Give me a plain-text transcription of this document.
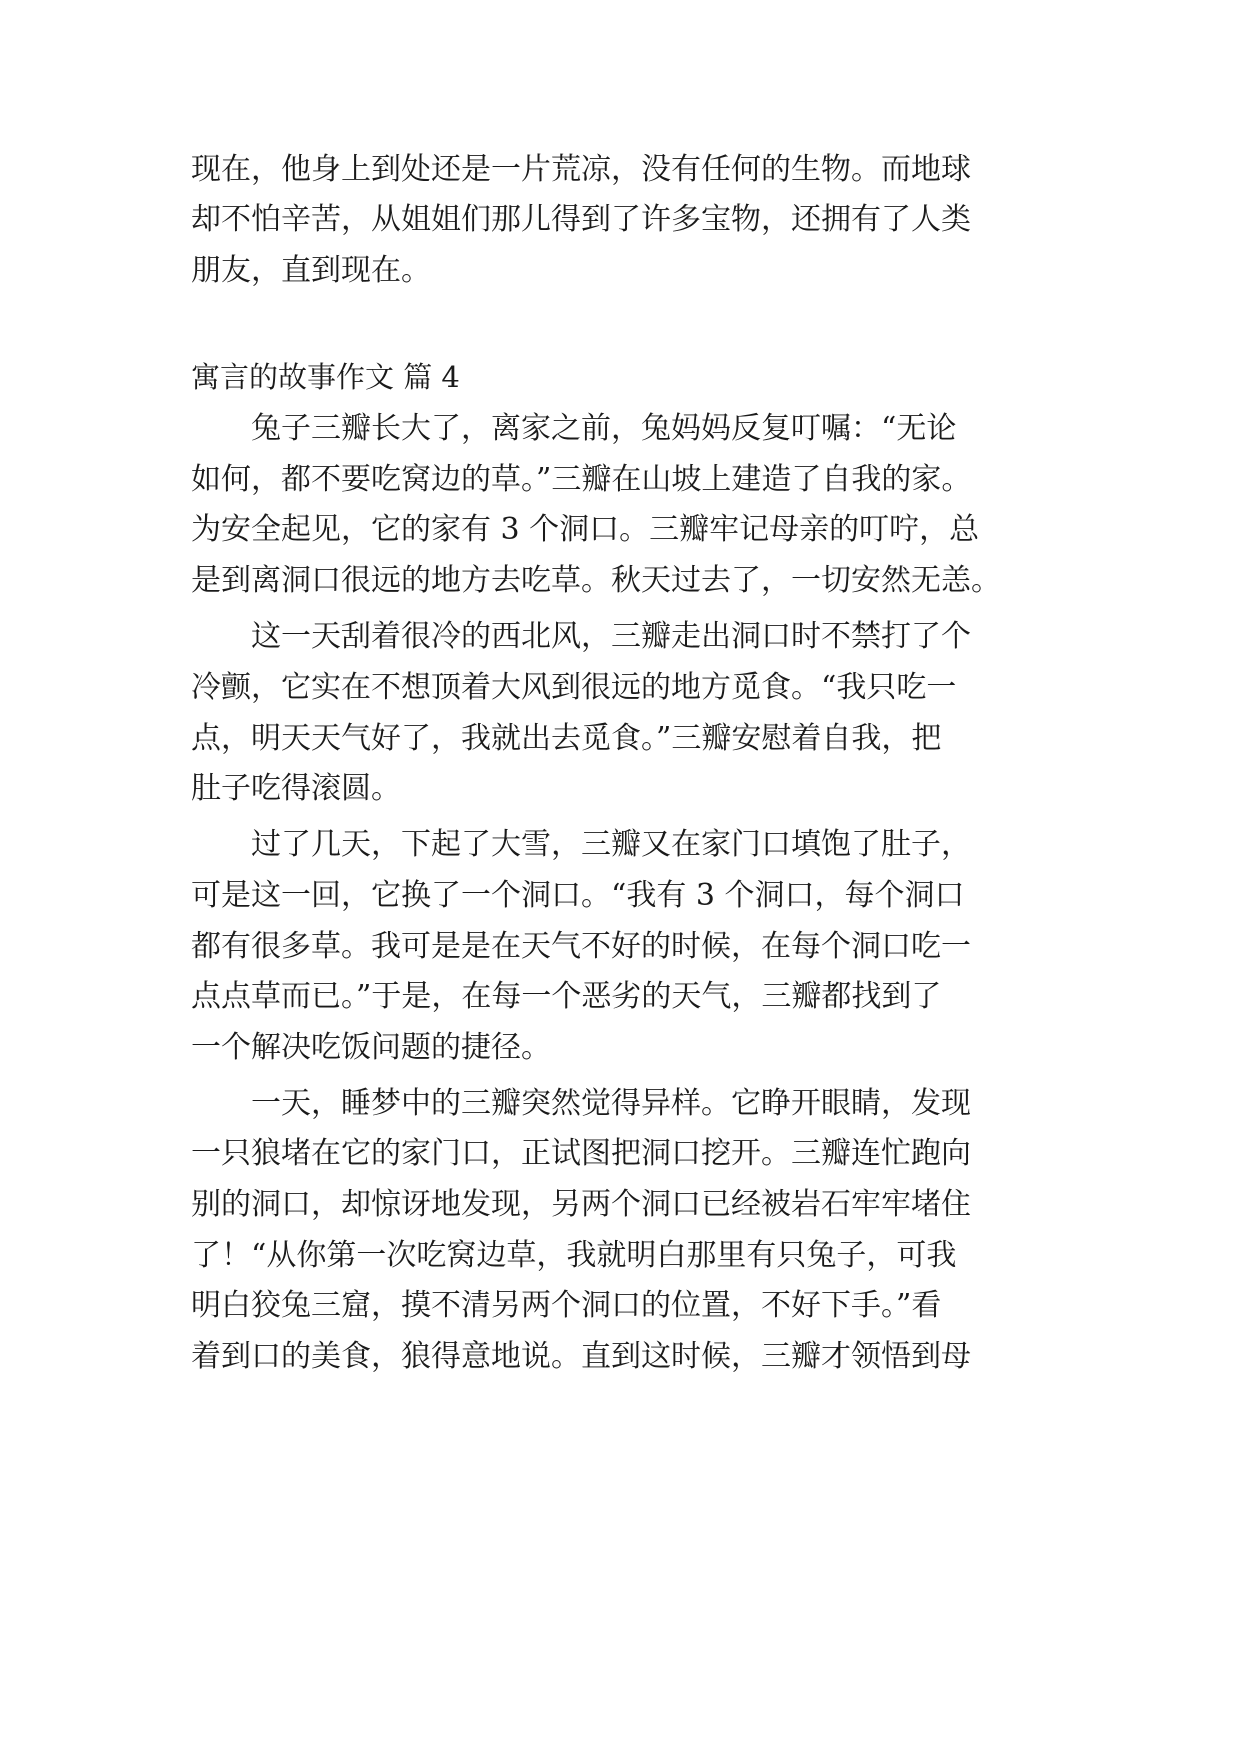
现在，他身上到处还是一片荒凉，没有任何的生物。而地球
却不怕辛苦，从姐姐们那儿得到了许多宝物，还拥有了人类
朋友，直到现在。
寓言的故事作文 篇 4
兔子三瓣长大了，离家之前，兔妈妈反复叮嘱：“无论
如何，都不要吃窝边的草。”三瓣在山坡上建造了自我的家。
为安全起见，它的家有 3 个洞口。三瓣牢记母亲的叮咛，总
是到离洞口很远的地方去吃草。秋天过去了，一切安然无恙。
这一天刮着很冷的西北风，三瓣走出洞口时不禁打了个
冷颤，它实在不想顶着大风到很远的地方觅食。“我只吃一
点，明天天气好了，我就出去觅食。”三瓣安慰着自我，把
肚子吃得滚圆。
过了几天，下起了大雪，三瓣又在家门口填饱了肚子，
可是这一回，它换了一个洞口。“我有 3 个洞口，每个洞口
都有很多草。我可是是在天气不好的时候，在每个洞口吃一
点点草而已。”于是，在每一个恶劣的天气，三瓣都找到了
一个解决吃饭问题的捷径。
一天，睡梦中的三瓣突然觉得异样。它睁开眼睛，发现
一只狼堵在它的家门口，正试图把洞口挖开。三瓣连忙跑向
别的洞口，却惊讶地发现，另两个洞口已经被岩石牢牢堵住
了！“从你第一次吃窝边草，我就明白那里有只兔子，可我
明白狡兔三窟，摸不清另两个洞口的位置，不好下手。”看
着到口的美食，狼得意地说。直到这时候，三瓣才领悟到母
